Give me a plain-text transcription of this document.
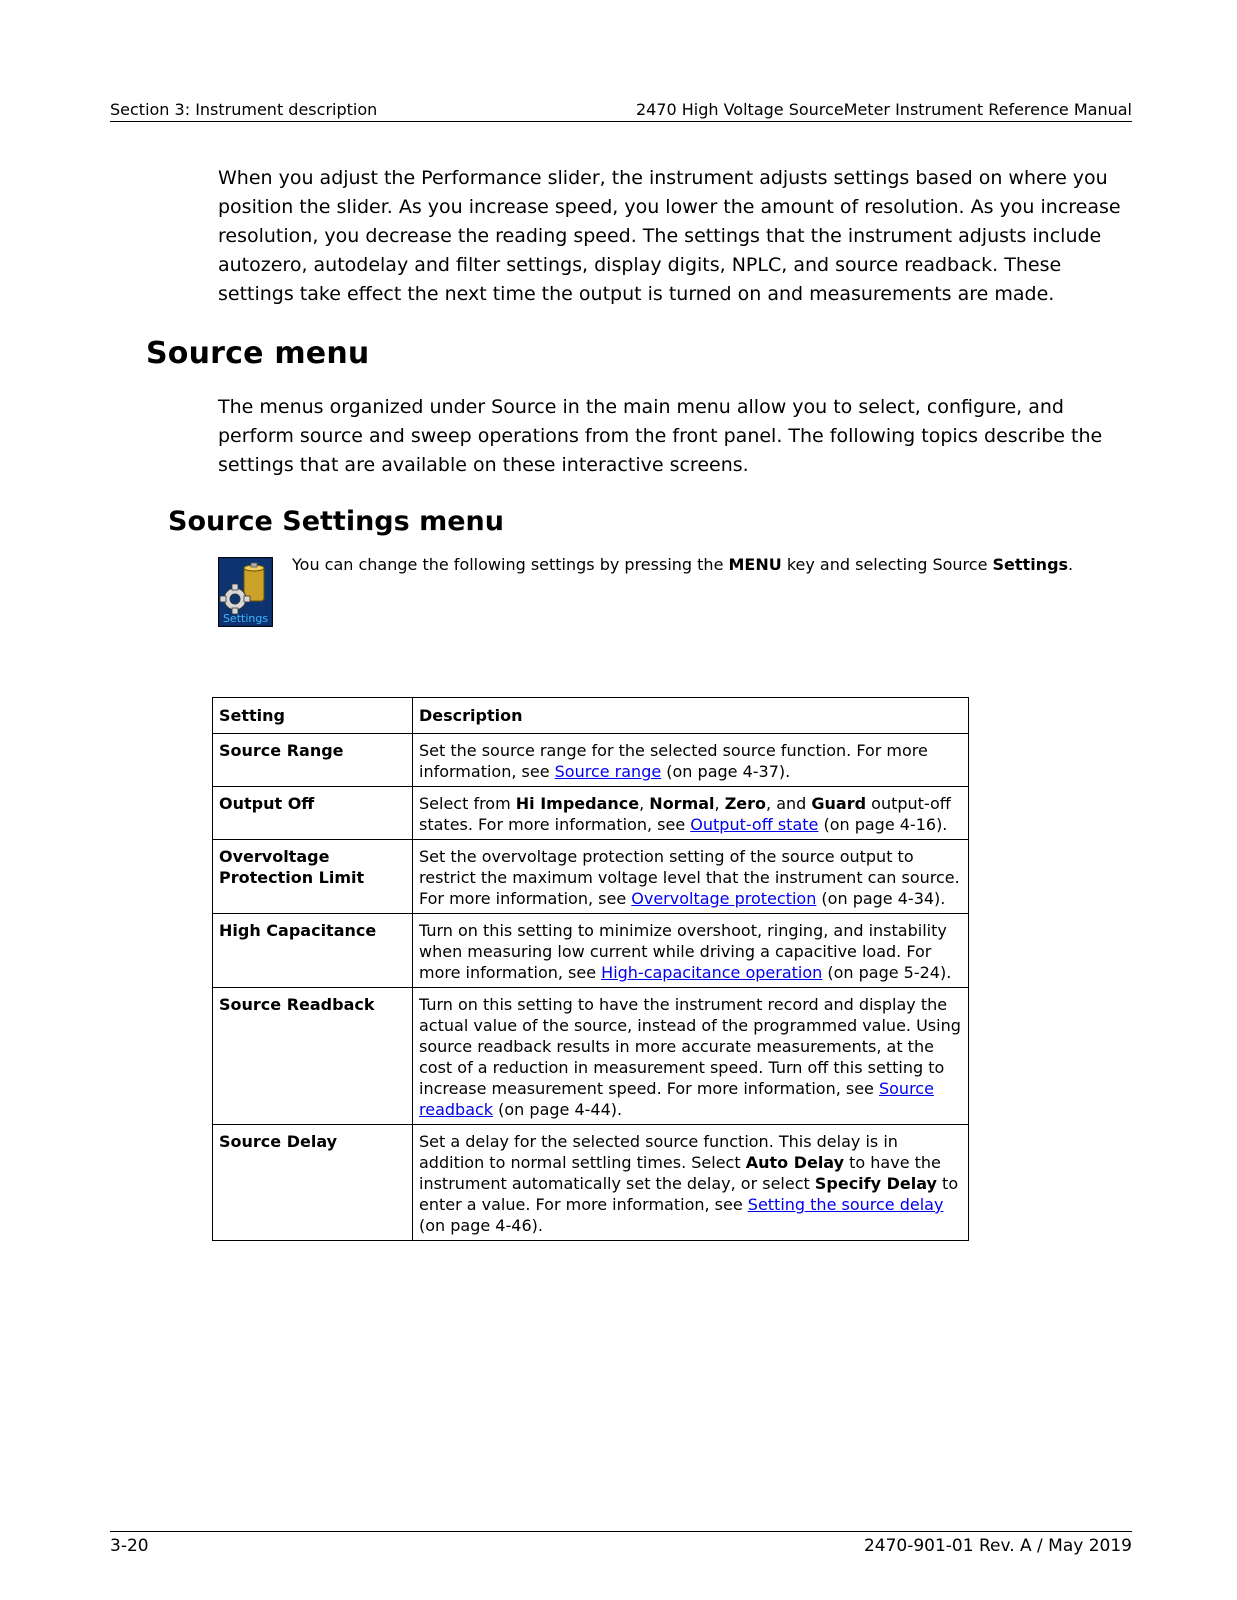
Section 3: Instrument description	2470 High Voltage SourceMeter Instrument Reference Manual

When you adjust the Performance slider, the instrument adjusts settings based on where you position the slider. As you increase speed, you lower the amount of resolution. As you increase resolution, you decrease the reading speed. The settings that the instrument adjusts include autozero, autodelay and filter settings, display digits, NPLC, and source readback. These settings take effect the next time the output is turned on and measurements are made.

Source menu

The menus organized under Source in the main menu allow you to select, configure, and perform source and sweep operations from the front panel. The following topics describe the settings that are available on these interactive screens.

Source Settings menu
Settings

You can change the following settings by pressing the MENU key and selecting Source Settings.

Setting	Description
Source Range	Set the source range for the selected source function. For more information, see Source range (on page 4-37).
Output Off	Select from Hi Impedance, Normal, Zero, and Guard output-off states. For more information, see Output-off state (on page 4-16).
Overvoltage Protection Limit	Set the overvoltage protection setting of the source output to restrict the maximum voltage level that the instrument can source. For more information, see Overvoltage protection (on page 4-34).
High Capacitance	Turn on this setting to minimize overshoot, ringing, and instability when measuring low current while driving a capacitive load. For more information, see High-capacitance operation (on page 5-24).
Source Readback	Turn on this setting to have the instrument record and display the actual value of the source, instead of the programmed value. Using source readback results in more accurate measurements, at the cost of a reduction in measurement speed. Turn off this setting to increase measurement speed. For more information, see Source readback (on page 4-44).
Source Delay	Set a delay for the selected source function. This delay is in addition to normal settling times. Select Auto Delay to have the instrument automatically set the delay, or select Specify Delay to enter a value. For more information, see Setting the source delay (on page 4-46).
3-20	2470-901-01 Rev. A / May 2019
